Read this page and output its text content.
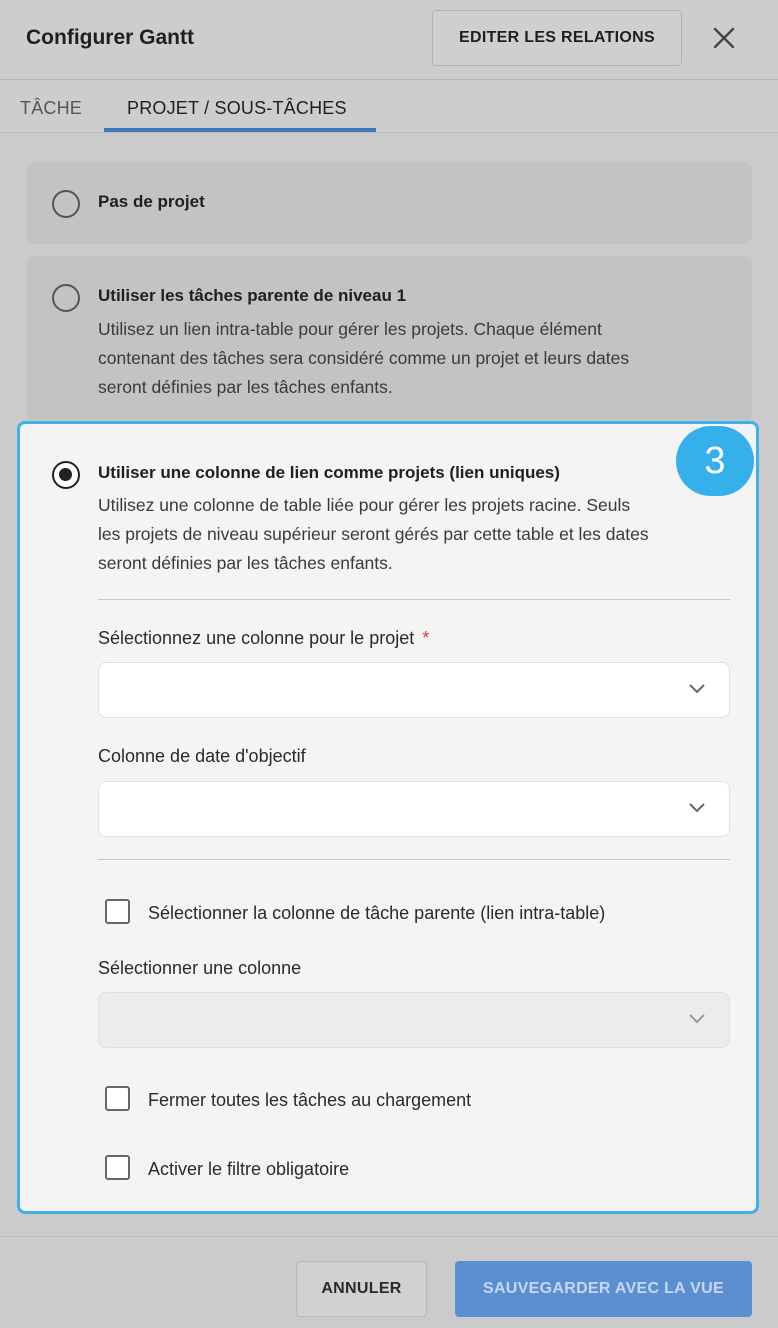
Configurer Gantt	EDITER LES RELATIONS
TÂCHE PROJET / SOUS-TÂCHES
Pas de projet
Utiliser les tâches parente de niveau 1
Utilisez un lien intra-table pour gérer les projets. Chaque élément
contenant des tâches sera considéré comme un projet et leurs dates
seront définies par les tâches enfants.
Utiliser une colonne de lien comme projets (lien uniques)
Utilisez une colonne de table liée pour gérer les projets racine. Seuls
les projets de niveau supérieur seront gérés par cette table et les dates
seront définies par les tâches enfants.
3
Sélectionnez une colonne pour le projet *
Colonne de date d'objectif
Sélectionner la colonne de tâche parente (lien intra-table)
Sélectionner une colonne
Fermer toutes les tâches au chargement
Activer le filtre obligatoire
ANNULER	SAUVEGARDER AVEC LA VUE
